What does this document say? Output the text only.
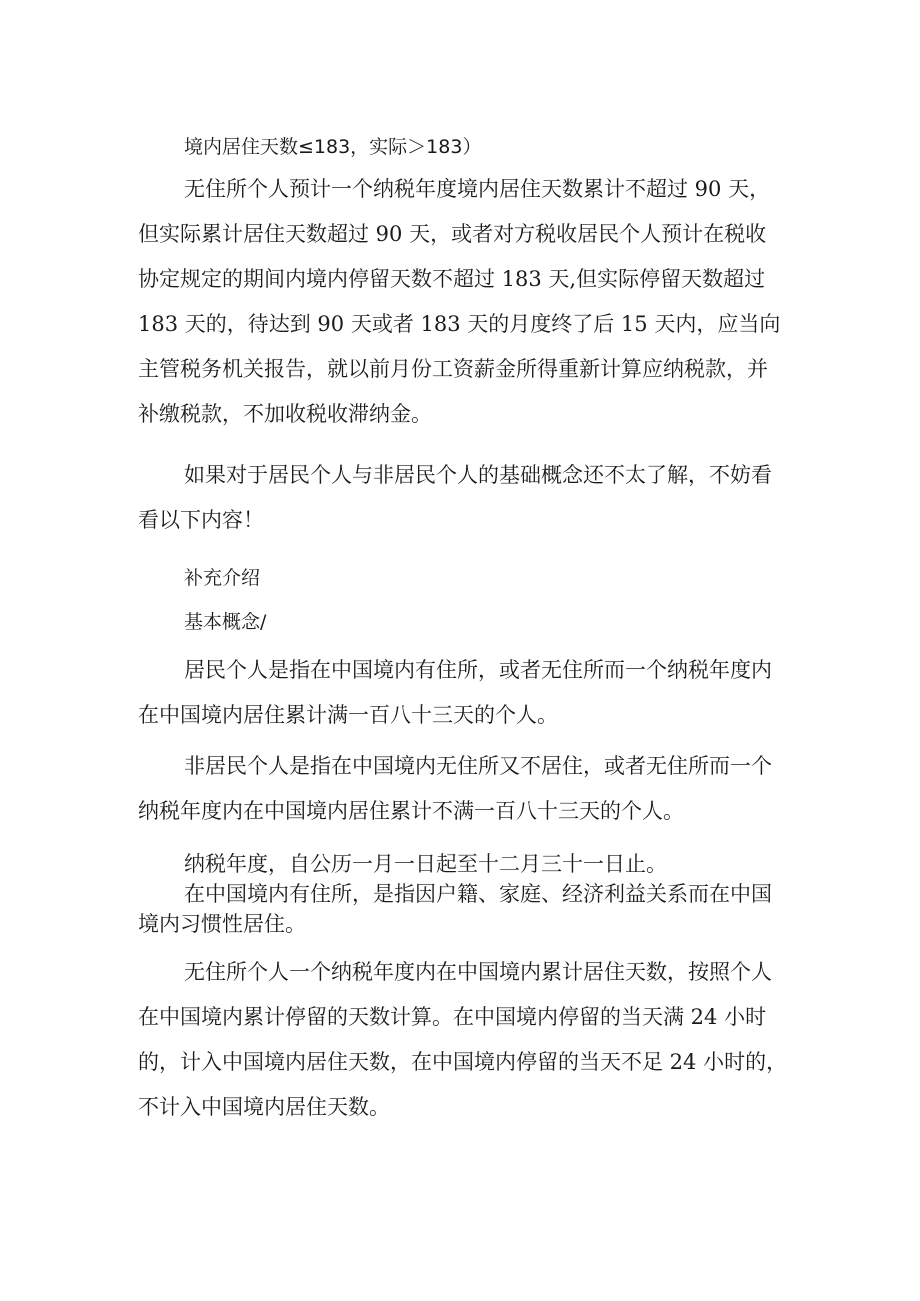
境内居住天数≤183，实际＞183）

无住所个人预计一个纳税年度境内居住天数累计不超过 90 天，
但实际累计居住天数超过 90 天，或者对方税收居民个人预计在税收
协定规定的期间内境内停留天数不超过 183 天,但实际停留天数超过
183 天的，待达到 90 天或者 183 天的月度终了后 15 天内，应当向
主管税务机关报告，就以前月份工资薪金所得重新计算应纳税款，并
补缴税款，不加收税收滞纳金。

如果对于居民个人与非居民个人的基础概念还不太了解，不妨看
看以下内容！

补充介绍

基本概念/

居民个人是指在中国境内有住所，或者无住所而一个纳税年度内
在中国境内居住累计满一百八十三天的个人。

非居民个人是指在中国境内无住所又不居住，或者无住所而一个
纳税年度内在中国境内居住累计不满一百八十三天的个人。

纳税年度，自公历一月一日起至十二月三十一日止。
在中国境内有住所，是指因户籍、家庭、经济利益关系而在中国
境内习惯性居住。

无住所个人一个纳税年度内在中国境内累计居住天数，按照个人
在中国境内累计停留的天数计算。在中国境内停留的当天满 24 小时
的，计入中国境内居住天数，在中国境内停留的当天不足 24 小时的，
不计入中国境内居住天数。
